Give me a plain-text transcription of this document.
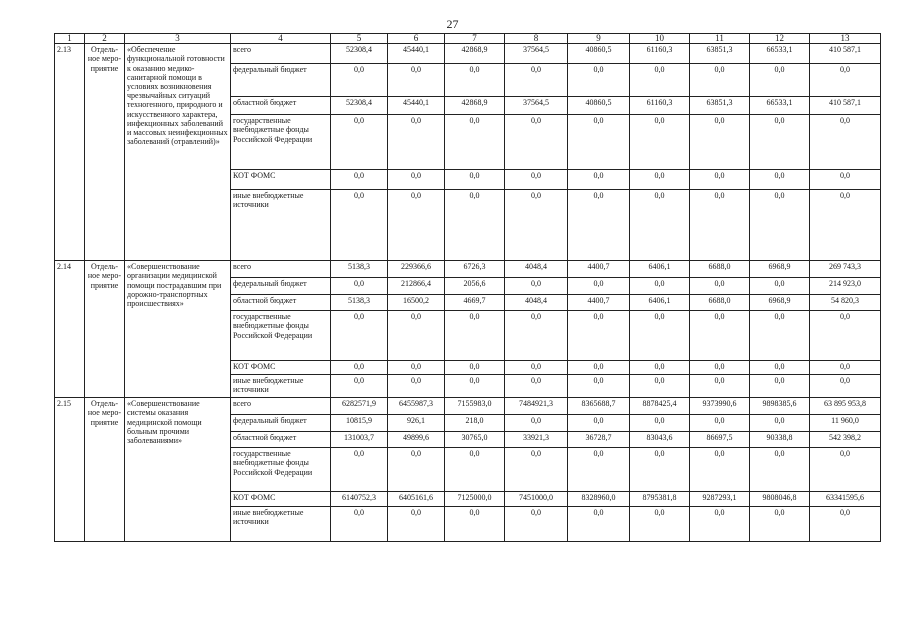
27
1	2	3	4	5	6	7	8	9	10	11	12	13
2.13	Отдель-ное меро-приятие	«Обеспечение функциональной готовности к оказанию медико-санитарной помощи в условиях возникновения чрезвычайных ситуаций техногенного, природного и искусственного характера, инфекционных заболеваний и массовых неинфекционных заболеваний (отравлений)»	всего	52308,4	45440,1	42868,9	37564,5	40860,5	61160,3	63851,3	66533,1	410 587,1
			федеральный бюджет	0,0	0,0	0,0	0,0	0,0	0,0	0,0	0,0	0,0
			областной бюджет	52308,4	45440,1	42868,9	37564,5	40860,5	61160,3	63851,3	66533,1	410 587,1
			государственные внебюджетные фонды Российской Федерации	0,0	0,0	0,0	0,0	0,0	0,0	0,0	0,0	0,0
			КОТ ФОМС	0,0	0,0	0,0	0,0	0,0	0,0	0,0	0,0	0,0
			иные внебюджетные источники	0,0	0,0	0,0	0,0	0,0	0,0	0,0	0,0	0,0
2.14	Отдель-ное меро-приятие	«Совершенствование организации медицинской помощи пострадавшим при дорожно-транспортных происшествиях»	всего	5138,3	229366,6	6726,3	4048,4	4400,7	6406,1	6688,0	6968,9	269 743,3
			федеральный бюджет	0,0	212866,4	2056,6	0,0	0,0	0,0	0,0	0,0	214 923,0
			областной бюджет	5138,3	16500,2	4669,7	4048,4	4400,7	6406,1	6688,0	6968,9	54 820,3
			государственные внебюджетные фонды Российской Федерации	0,0	0,0	0,0	0,0	0,0	0,0	0,0	0,0	0,0
			КОТ ФОМС	0,0	0,0	0,0	0,0	0,0	0,0	0,0	0,0	0,0
			иные внебюджетные источники	0,0	0,0	0,0	0,0	0,0	0,0	0,0	0,0	0,0
2.15	Отдель-ное меро-приятие	«Совершенствование системы оказания медицинской помощи больным прочими заболеваниями»	всего	6282571,9	6455987,3	7155983,0	7484921,3	8365688,7	8878425,4	9373990,6	9898385,6	63 895 953,8
			федеральный бюджет	10815,9	926,1	218,0	0,0	0,0	0,0	0,0	0,0	11 960,0
			областной бюджет	131003,7	49899,6	30765,0	33921,3	36728,7	83043,6	86697,5	90338,8	542 398,2
			государственные внебюджетные фонды Российской Федерации	0,0	0,0	0,0	0,0	0,0	0,0	0,0	0,0	0,0
			КОТ ФОМС	6140752,3	6405161,6	7125000,0	7451000,0	8328960,0	8795381,8	9287293,1	9808046,8	63341595,6
			иные внебюджетные источники	0,0	0,0	0,0	0,0	0,0	0,0	0,0	0,0	0,0
